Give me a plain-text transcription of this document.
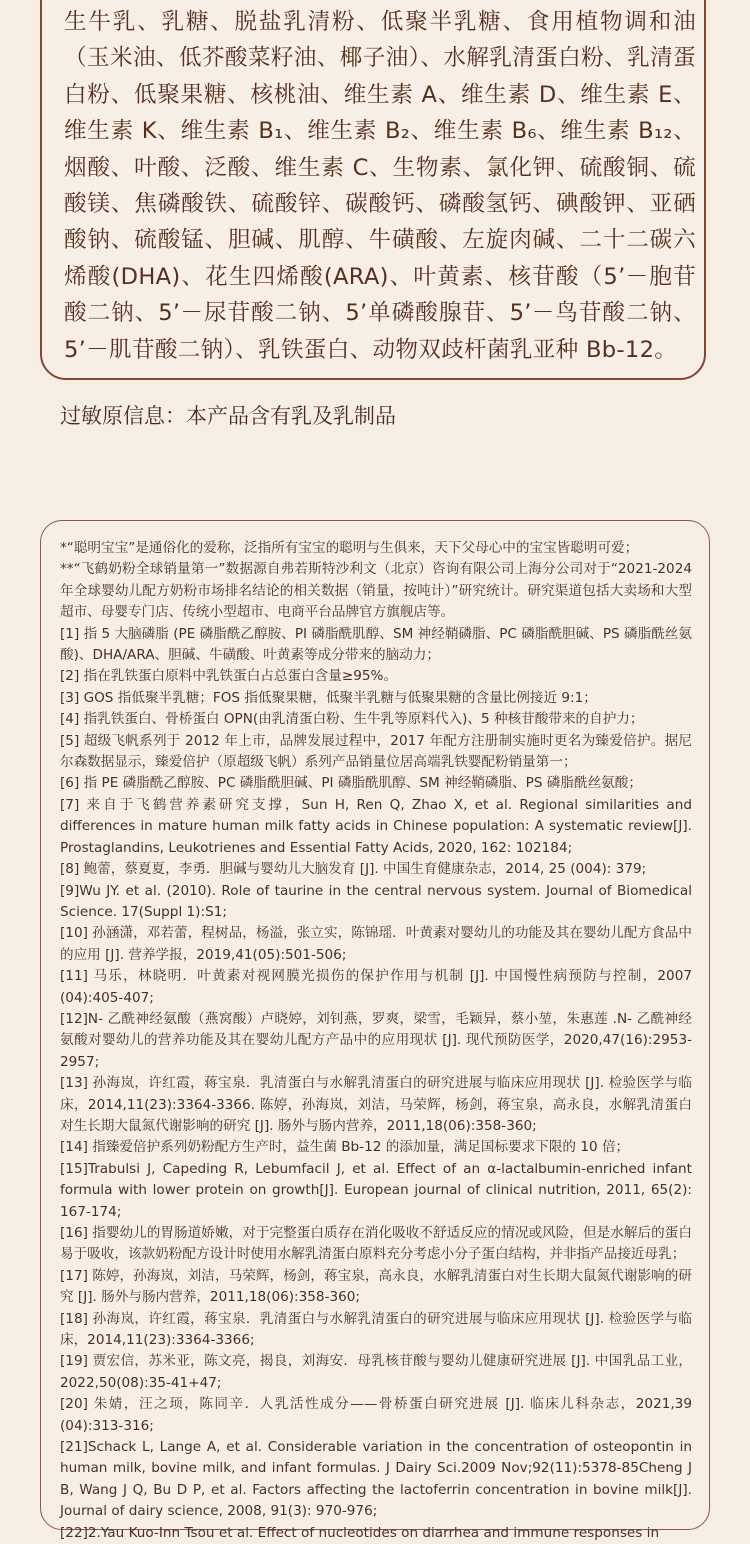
生牛乳、乳糖、脱盐乳清粉、低聚半乳糖、食用植物调和油（玉米油、低芥酸菜籽油、椰子油）、水解乳清蛋白粉、乳清蛋白粉、低聚果糖、核桃油、维生素 A、维生素 D、维生素 E、维生素 K、维生素 B₁、维生素 B₂、维生素 B₆、维生素 B₁₂、烟酸、叶酸、泛酸、维生素 C、生物素、氯化钾、硫酸铜、硫酸镁、焦磷酸铁、硫酸锌、碳酸钙、磷酸氢钙、碘酸钾、亚硒酸钠、硫酸锰、胆碱、肌醇、牛磺酸、左旋肉碱、二十二碳六烯酸(DHA)、花生四烯酸(ARA)、叶黄素、核苷酸（5’－胞苷酸二钠、5’－尿苷酸二钠、5’单磷酸腺苷、5’－鸟苷酸二钠、5’－肌苷酸二钠）、乳铁蛋白、动物双歧杆菌乳亚种 Bb-12。

过敏原信息：本产品含有乳及乳制品

*“聪明宝宝”是通俗化的爱称，泛指所有宝宝的聪明与生俱来，天下父母心中的宝宝皆聪明可爱；
**“飞鹤奶粉全球销量第一”数据源自弗若斯特沙利文（北京）咨询有限公司上海分公司对于“2021-2024 年全球婴幼儿配方奶粉市场排名结论的相关数据（销量，按吨计）”研究统计。研究渠道包括大卖场和大型超市、母婴专门店、传统小型超市、电商平台品牌官方旗舰店等。
[1] 指 5 大脑磷脂 (PE 磷脂酰乙醇胺、PI 磷脂酰肌醇、SM 神经鞘磷脂、PC 磷脂酰胆碱、PS 磷脂酰丝氨酸)、DHA/ARA、胆碱、牛磺酸、叶黄素等成分带来的脑动力；
[2] 指在乳铁蛋白原料中乳铁蛋白占总蛋白含量≥95%。
[3] GOS 指低聚半乳糖；FOS 指低聚果糖，低聚半乳糖与低聚果糖的含量比例接近 9:1；
[4] 指乳铁蛋白、骨桥蛋白 OPN(由乳清蛋白粉、生牛乳等原料代入)、5 种核苷酸带来的自护力；
[5] 超级飞帆系列于 2012 年上市，品牌发展过程中，2017 年配方注册制实施时更名为臻爱倍护。据尼尔森数据显示，臻爱倍护（原超级飞帆）系列产品销量位居高端乳铁婴配粉销量第一；
[6] 指 PE 磷脂酰乙醇胺、PC 磷脂酰胆碱、PI 磷脂酰肌醇、SM 神经鞘磷脂、PS 磷脂酰丝氨酸；
[7] 来自于飞鹤营养素研究支撑，Sun H, Ren Q, Zhao X, et al. Regional similarities and differences in mature human milk fatty acids in Chinese population: A systematic review[J]. Prostaglandins, Leukotrienes and Essential Fatty Acids, 2020, 162: 102184;
[8] 鲍蕾，蔡夏夏，李勇．胆碱与婴幼儿大脑发育 [J]. 中国生育健康杂志，2014, 25 (004): 379;
[9]Wu JY. et al. (2010). Role of taurine in the central nervous system. Journal of Biomedical Science. 17(Suppl 1):S1;
[10] 孙涵潇，邓若蕾，程树品，杨溢，张立实，陈锦瑶．叶黄素对婴幼儿的功能及其在婴幼儿配方食品中的应用 [J]. 营养学报，2019,41(05):501-506;
[11] 马乐，林晓明．叶黄素对视网膜光损伤的保护作用与机制 [J]. 中国慢性病预防与控制，2007 (04):405-407;
[12]N- 乙酰神经氨酸（燕窝酸）卢晓婷，刘钊燕，罗爽，梁雪，毛颖异，蔡小堃，朱惠莲 .N- 乙酰神经氨酸对婴幼儿的营养功能及其在婴幼儿配方产品中的应用现状 [J]. 现代预防医学，2020,47(16):2953-2957;
[13] 孙海岚，许红霞，蒋宝泉．乳清蛋白与水解乳清蛋白的研究进展与临床应用现状 [J]. 检验医学与临床，2014,11(23):3364-3366. 陈婷，孙海岚，刘洁，马荣辉，杨剑，蒋宝泉，高永良，水解乳清蛋白对生长期大鼠氮代谢影响的研究 [J]. 肠外与肠内营养，2011,18(06):358-360;
[14] 指臻爱倍护系列奶粉配方生产时，益生菌 Bb-12 的添加量，满足国标要求下限的 10 倍；
[15]Trabulsi J, Capeding R, Lebumfacil J, et al. Effect of an α-lactalbumin-enriched infant formula with lower protein on growth[J]. European journal of clinical nutrition, 2011, 65(2): 167-174;
[16] 指婴幼儿的胃肠道娇嫩，对于完整蛋白质存在消化吸收不舒适反应的情况或风险，但是水解后的蛋白易于吸收，该款奶粉配方设计时使用水解乳清蛋白原料充分考虑小分子蛋白结构，并非指产品接近母乳；
[17] 陈婷，孙海岚，刘洁，马荣辉，杨剑，蒋宝泉，高永良，水解乳清蛋白对生长期大鼠氮代谢影响的研究 [J]. 肠外与肠内营养，2011,18(06):358-360;
[18] 孙海岚，许红霞，蒋宝泉．乳清蛋白与水解乳清蛋白的研究进展与临床应用现状 [J]. 检验医学与临床，2014,11(23):3364-3366;
[19] 贾宏信，苏米亚，陈文亮，揭良，刘海安．母乳核苷酸与婴幼儿健康研究进展 [J]. 中国乳品工业，2022,50(08):35-41+47;
[20] 朱婧，汪之顼，陈同辛．人乳活性成分——骨桥蛋白研究进展 [J]. 临床儿科杂志，2021,39 (04):313-316;
[21]Schack L, Lange A, et al. Considerable variation in the concentration of osteopontin in human milk, bovine milk, and infant formulas. J Dairy Sci.2009 Nov;92(11):5378-85Cheng J B, Wang J Q, Bu D P, et al. Factors affecting the lactoferrin concentration in bovine milk[J]. Journal of dairy science, 2008, 91(3): 970-976;
[22]2.Yau Kuo-Inn Tsou et al. Effect of nucleotides on diarrhea and immune responses in
